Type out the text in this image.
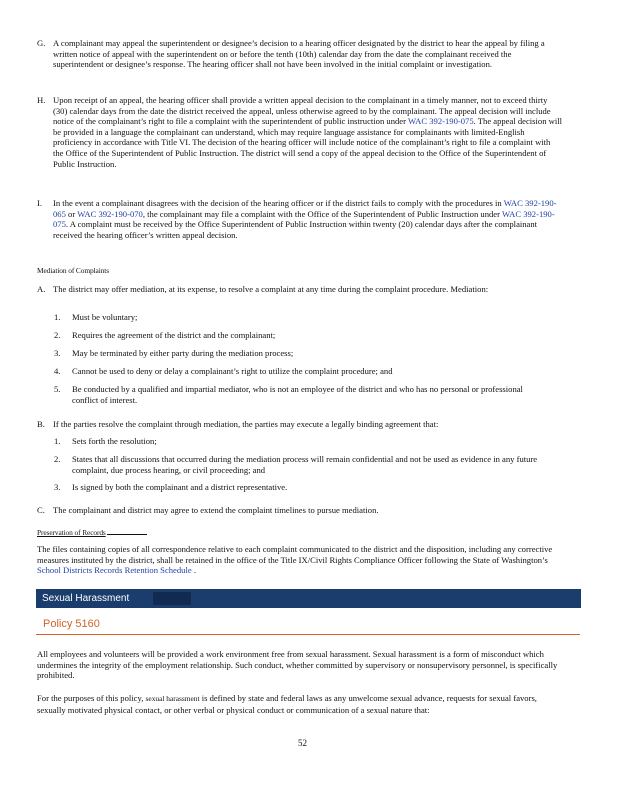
G. A complainant may appeal the superintendent or designee’s decision to a hearing officer designated by the district to hear the appeal by filing a written notice of appeal with the superintendent on or before the tenth (10th) calendar day from the date the complainant received the superintendent or designee’s response. The hearing officer shall not have been involved in the initial complaint or investigation.
H. Upon receipt of an appeal, the hearing officer shall provide a written appeal decision to the complainant in a timely manner, not to exceed thirty (30) calendar days from the date the district received the appeal, unless otherwise agreed to by the complainant. The appeal decision will include notice of the complainant’s right to file a complaint with the superintendent of public instruction under WAC 392-190-075. The appeal decision will be provided in a language the complainant can understand, which may require language assistance for complainants with limited-English proficiency in accordance with Title VI. The decision of the hearing officer will include notice of the complainant’s right to file a complaint with the Office of the Superintendent of Public Instruction. The district will send a copy of the appeal decision to the Office of the Superintendent of Public Instruction.
I.	In the event a complainant disagrees with the decision of the hearing officer or if the district fails to comply with the procedures in WAC 392-190-065 or WAC 392-190-070, the complainant may file a complaint with the Office of the Superintendent of Public Instruction under WAC 392-190-075. A complaint must be received by the Office Superintendent of Public Instruction within twenty (20) calendar days after the complainant received the hearing officer’s written appeal decision.
Mediation of Complaints
A. The district may offer mediation, at its expense, to resolve a complaint at any time during the complaint procedure. Mediation:
1.	Must be voluntary;
2.	Requires the agreement of the district and the complainant;
3.	May be terminated by either party during the mediation process;
4.	Cannot be used to deny or delay a complainant’s right to utilize the complaint procedure; and
5.	Be conducted by a qualified and impartial mediator, who is not an employee of the district and who has no personal or professional conflict of interest.
B. If the parties resolve the complaint through mediation, the parties may execute a legally binding agreement that:
1.	Sets forth the resolution;
2.	States that all discussions that occurred during the mediation process will remain confidential and not be used as evidence in any future complaint, due process hearing, or civil proceeding; and
3.	Is signed by both the complainant and a district representative.
C. The complainant and district may agree to extend the complaint timelines to pursue mediation.
Preservation of Records
The files containing copies of all correspondence relative to each complaint communicated to the district and the disposition, including any corrective measures instituted by the district, shall be retained in the office of the Title IX/Civil Rights Compliance Officer following the State of Washington’s School Districts Records Retention Schedule .
Sexual Harassment
Policy 5160
All employees and volunteers will be provided a work environment free from sexual harassment. Sexual harassment is a form of misconduct which undermines the integrity of the employment relationship. Such conduct, whether committed by supervisory or nonsupervisory personnel, is specifically prohibited.
For the purposes of this policy, sexual harassment is defined by state and federal laws as any unwelcome sexual advance, requests for sexual favors, sexually motivated physical contact, or other verbal or physical conduct or communication of a sexual nature that:
52
